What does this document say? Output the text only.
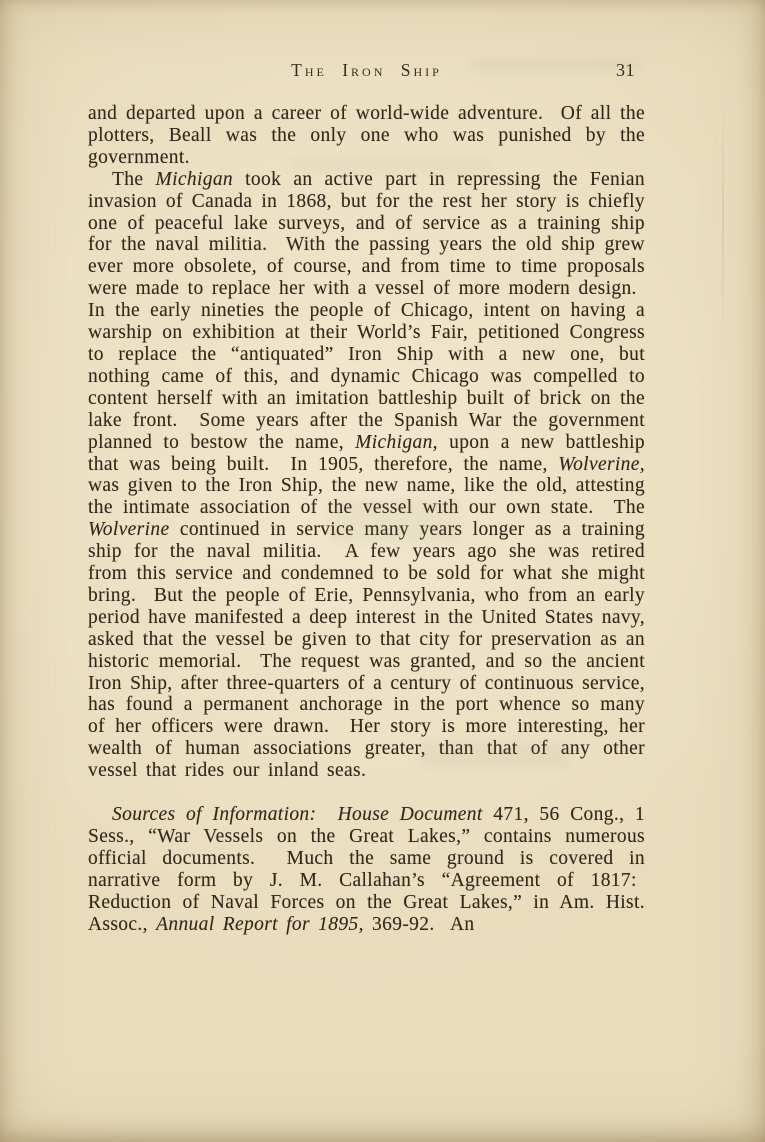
The Iron Ship	31

and departed upon a career of world-wide adventure.  Of all the plotters, Beall was the only one who was punished by the government.

The Michigan took an active part in repressing the Fenian invasion of Canada in 1868, but for the rest her story is chiefly one of peaceful lake surveys, and of service as a training ship for the naval militia.  With the passing years the old ship grew ever more obsolete, of course, and from time to time proposals were made to replace her with a vessel of more modern design.  In the early nineties the people of Chicago, intent on having a warship on exhibition at their World’s Fair, petitioned Congress to replace the “antiquated” Iron Ship with a new one, but nothing came of this, and dynamic Chicago was compelled to content herself with an imitation battleship built of brick on the lake front.  Some years after the Spanish War the government planned to bestow the name, Michigan, upon a new battleship that was being built.  In 1905, therefore, the name, Wolverine, was given to the Iron Ship, the new name, like the old, attesting the intimate association of the vessel with our own state.  The Wolverine continued in service many years longer as a training ship for the naval militia.  A few years ago she was retired from this service and condemned to be sold for what she might bring.  But the people of Erie, Pennsylvania, who from an early period have manifested a deep interest in the United States navy, asked that the vessel be given to that city for preservation as an historic memorial.  The request was granted, and so the ancient Iron Ship, after three-quarters of a century of continuous service, has found a permanent anchorage in the port whence so many of her officers were drawn.  Her story is more interesting, her wealth of human associations greater, than that of any other vessel that rides our inland seas.

Sources of Information:  House Document 471, 56 Cong., 1 Sess., “War Vessels on the Great Lakes,” contains numerous official documents.  Much the same ground is covered in narrative form by J. M. Callahan’s “Agreement of 1817:  Reduction of Naval Forces on the Great Lakes,” in Am. Hist. Assoc., Annual Report for 1895, 369-92.  An
